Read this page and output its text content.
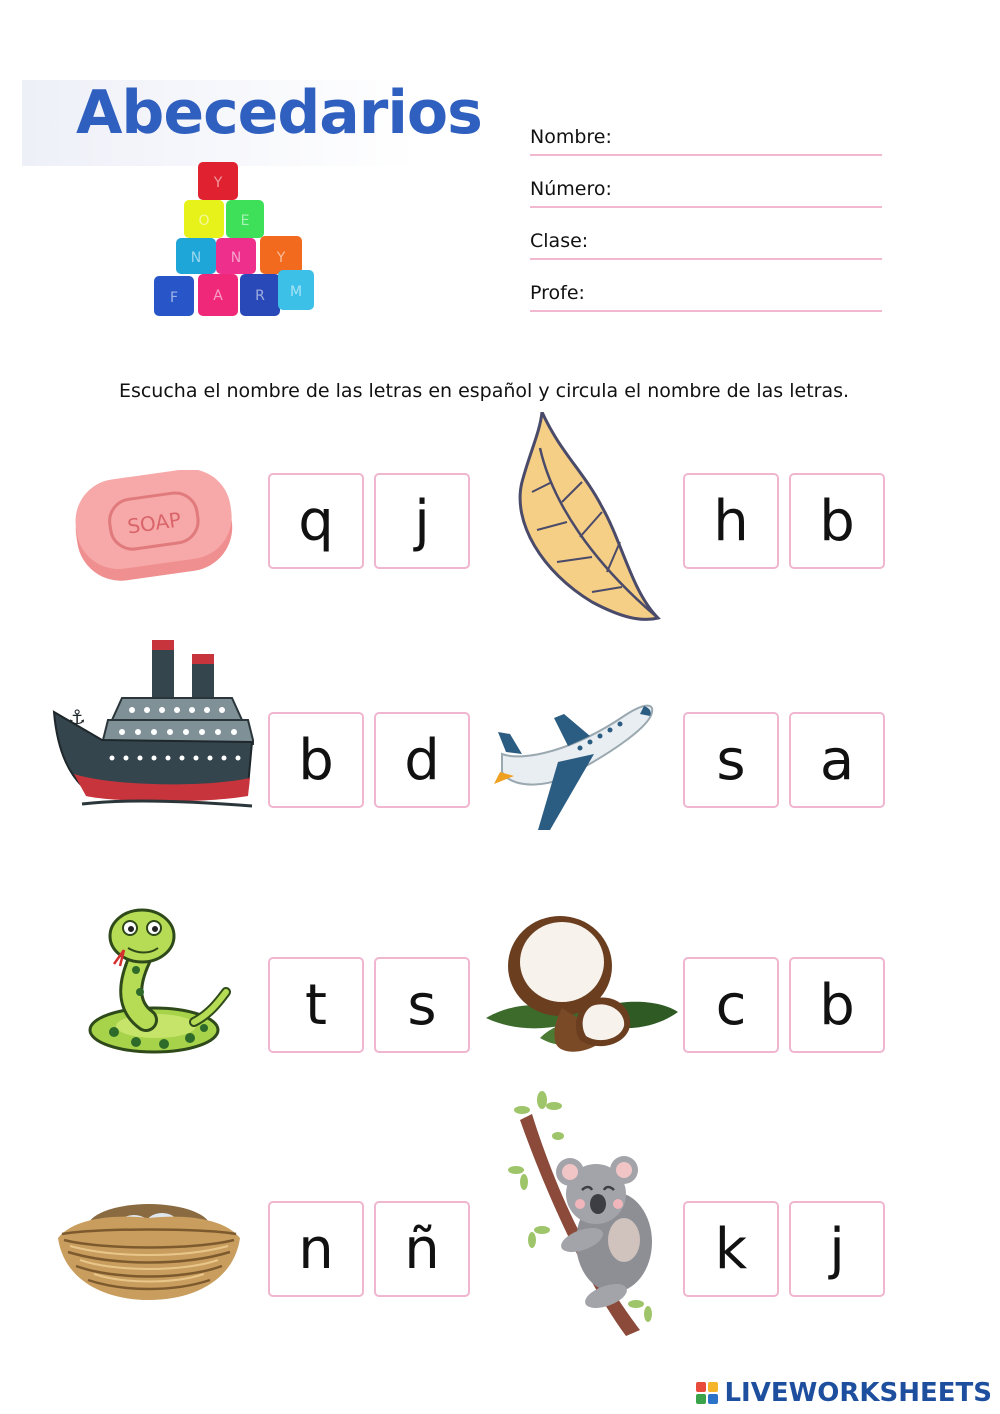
Abecedarios
Y
O E
N N	Y
F	A R M
Nombre:
Número:
Clase:
Profe:
Escucha el nombre de las letras en español y circula el nombre de las letras.
SOAP	q	j	h	b
⚓
b	d	s	a
t	s	c	b
n	ñ	k	j
LIVEWORKSHEETS
